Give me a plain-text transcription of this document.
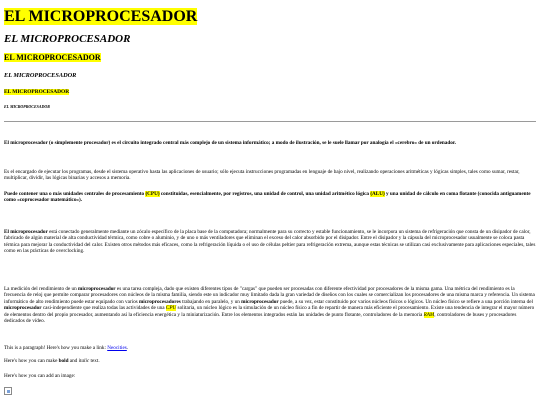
EL MICROPROCESADOR
EL MICROPROCESADOR
EL MICROPROCESADOR
EL MICROPROCESADOR
EL MICROPROCESADOR
EL MICROPROCESADOR

El microprocesador (o simplemente procesador) es el circuito integrado central más complejo de un sistema informático; a modo de ilustración, se le suele llamar por analogía el «cerebro» de un ordenador.

Es el encargado de ejecutar los programas, desde el sistema operativo hasta las aplicaciones de usuario; sólo ejecuta instrucciones programadas en lenguaje de bajo nivel, realizando operaciones aritméticas y lógicas simples, tales como sumar, restar, multiplicar, dividir, las lógicas binarias y accesos a memoria.

Puede contener una o más unidades centrales de procesamiento (CPU) constituidas, esencialmente, por registros, una unidad de control, una unidad aritmético lógica (ALU) y una unidad de cálculo en coma flotante (conocida antiguamente como «coprocesador matemático»).

El microprocesador está conectado generalmente mediante un zócalo específico de la placa base de la computadora; normalmente para su correcto y estable funcionamiento, se le incorpora un sistema de refrigeración que consta de un disipador de calor, fabricado de algún material de alta conductividad térmica, como cobre o aluminio, y de uno o más ventiladores que eliminan el exceso del calor absorbido por el disipador. Entre el disipador y la cápsula del microprocesador usualmente se coloca pasta térmica para mejorar la conductividad del calor. Existen otros métodos más eficaces, como la refrigeración líquida o el uso de células peltier para refrigeración extrema, aunque estas técnicas se utilizan casi exclusivamente para aplicaciones especiales, tales como en las prácticas de overclocking.

La medición del rendimiento de un microprocesador es una tarea compleja, dado que existen diferentes tipos de "cargas" que pueden ser procesadas con diferente efectividad por procesadores de la misma gama. Una métrica del rendimiento es la frecuencia de reloj que permite comparar procesadores con núcleos de la misma familia, siendo este un indicador muy limitado dada la gran variedad de diseños con los cuales se comercializan los procesadores de una misma marca y referencia. Un sistema informático de alto rendimiento puede estar equipado con varios microprocesadores trabajando en paralelo, y un microprocesador puede, a su vez, estar constituido por varios núcleos físicos o lógicos. Un núcleo físico se refiere a una porción interna del microprocesador casi-independiente que realiza todas las actividades de una CPU solitaria, un núcleo lógico es la simulación de un núcleo físico a fin de repartir de manera más eficiente el procesamiento. Existe una tendencia de integrar el mayor número de elementos dentro del propio procesador, aumentando así la eficiencia energética y la miniaturización. Entre los elementos integrados están las unidades de punto flotante, controladores de la memoria RAM, controladores de buses y procesadores dedicados de vídeo.

This is a paragraph! Here's how you make a link: Neocities.

Here's how you can make bold and italic text.

Here's how you can add an image:
